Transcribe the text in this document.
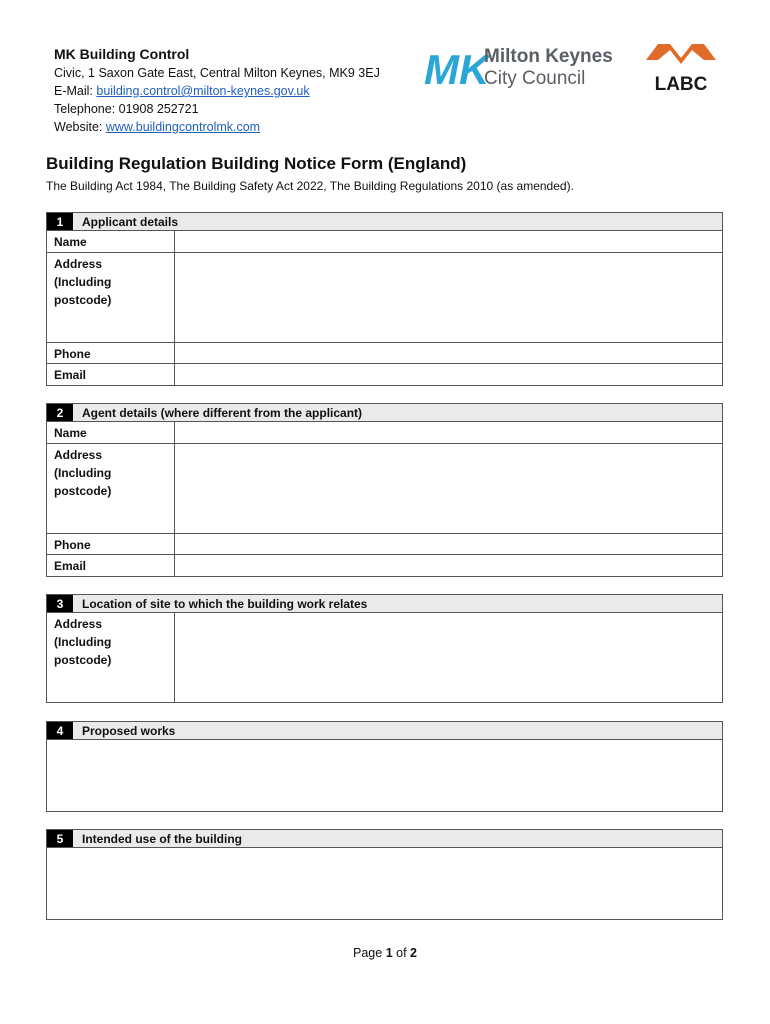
MK Building Control
Civic, 1 Saxon Gate East, Central Milton Keynes, MK9 3EJ
E-Mail: building.control@milton-keynes.gov.uk
Telephone: 01908 252721
Website: www.buildingcontrolmk.com
MK
Milton Keynes
City Council	LABC
Building Regulation Building Notice Form (England)
The Building Act 1984, The Building Safety Act 2022, The Building Regulations 2010 (as amended).
1	Applicant details
Name
Address
(Including
postcode)
Phone
Email
2	Agent details (where different from the applicant)
Name
Address
(Including
postcode)
Phone
Email
3	Location of site to which the building work relates
Address
(Including
postcode)
4	Proposed works
5	Intended use of the building
Page 1 of 2
